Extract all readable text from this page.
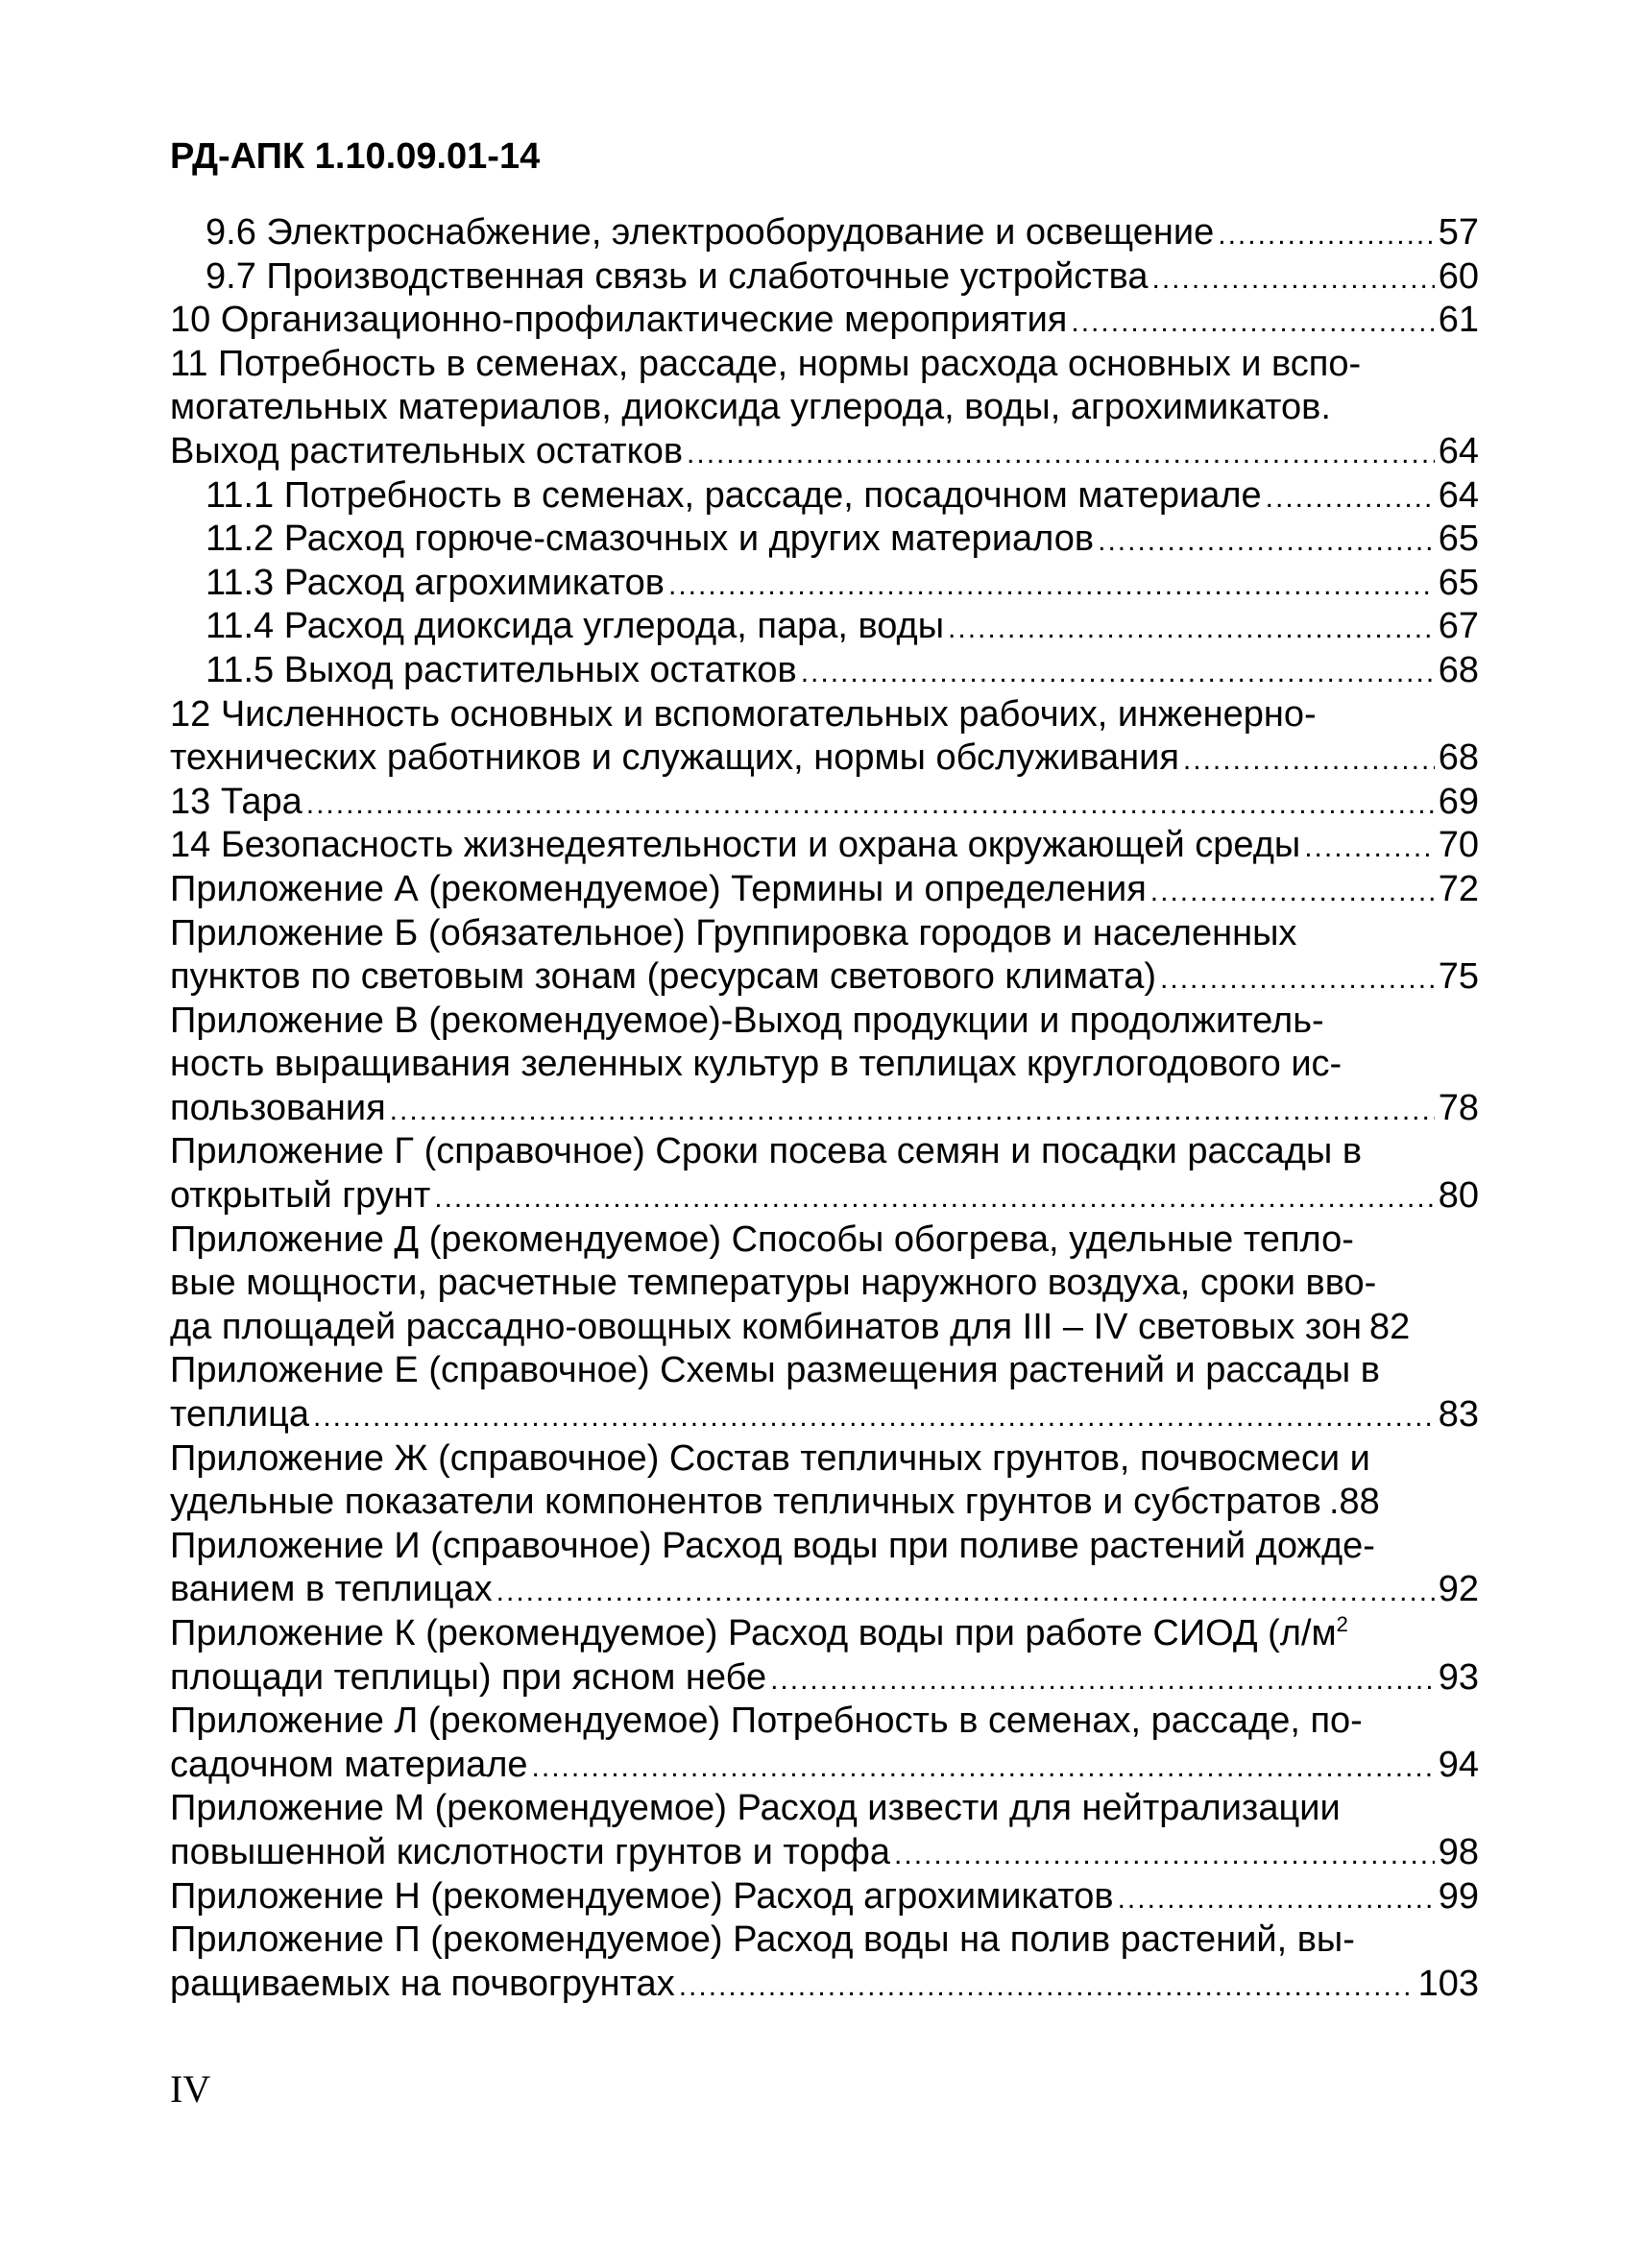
РД-АПК 1.10.09.01-14
9.6 Электроснабжение, электрооборудование и освещение .....	57
9.7 Производственная связь и слаботочные устройства .....	60
10 Организационно-профилактические мероприятия .....	61
11 Потребность в семенах, рассаде, нормы расхода основных и вспо-
могательных материалов, диоксида углерода, воды, агрохимикатов.
Выход растительных остатков .....	64
11.1 Потребность в семенах, рассаде, посадочном материале .....	64
11.2 Расход горюче-смазочных и других материалов .....	65
11.3 Расход агрохимикатов .....	65
11.4 Расход диоксида углерода, пара, воды .....	67
11.5 Выход растительных остатков .....	68
12 Численность основных и вспомогательных рабочих, инженерно-
технических работников и служащих, нормы обслуживания .....	68
13 Тара .....	69
14 Безопасность жизнедеятельности и охрана окружающей среды .....	70
Приложение А (рекомендуемое) Термины и определения .....	72
Приложение Б (обязательное) Группировка городов и населенных
пунктов по световым зонам (ресурсам светового климата) .....	75
Приложение В (рекомендуемое)-Выход продукции и продолжитель-
ность выращивания зеленных культур в теплицах круглогодового ис-
пользования .....	78
Приложение Г (справочное) Сроки посева семян и посадки рассады в
открытый грунт .....	80
Приложение Д (рекомендуемое) Способы обогрева, удельные тепло-
вые мощности, расчетные температуры наружного воздуха, сроки вво-
да площадей рассадно-овощных комбинатов для III – IV световых зон 82
Приложение Е (справочное) Схемы размещения растений и рассады в
теплица .....	83
Приложение Ж (справочное) Состав тепличных грунтов, почвосмеси и
удельные показатели компонентов тепличных грунтов и субстратов .88
Приложение И (справочное) Расход воды при поливе растений дожде-
ванием в теплицах .....	92
Приложение К (рекомендуемое) Расход воды при работе СИОД ($л/м^2$
площади теплицы) при ясном небе .....	93
Приложение Л (рекомендуемое) Потребность в семенах, рассаде, по-
садочном материале .....	94
Приложение М (рекомендуемое) Расход извести для нейтрализации
повышенной кислотности грунтов и торфа .....	98
Приложение Н (рекомендуемое) Расход агрохимикатов .....	99
Приложение П (рекомендуемое) Расход воды на полив растений, вы-
ращиваемых на почвогрунтах .....	103
IV
